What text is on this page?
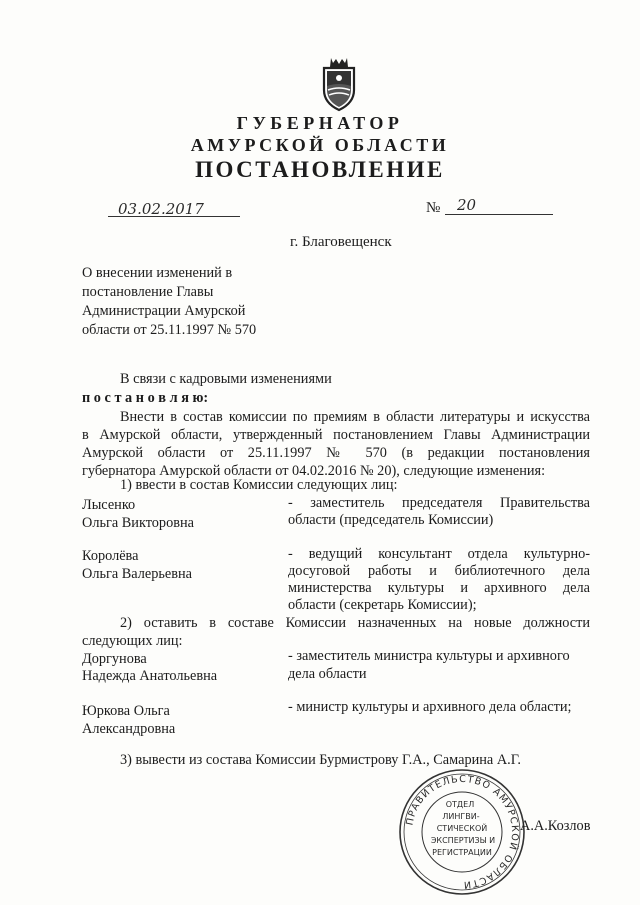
ГУБЕРНАТОР
АМУРСКОЙ ОБЛАСТИ
ПОСТАНОВЛЕНИЕ
03.02.2017	№ 20
г. Благовещенск
О внесении изменений в
постановление Главы
Администрации Амурской
области от 25.11.1997 № 570
В связи с кадровыми изменениями
п о с т а н о в л я ю:
Внести в состав комиссии по премиям в области литературы и искусства
в Амурской области, утвержденный постановлением Главы Администрации
Амурской области от 25.11.1997 № 570 (в редакции постановления
губернатора Амурской области от 04.02.2016 № 20), следующие изменения:
1) ввести в состав Комиссии следующих лиц:
Лысенко
Ольга Викторовна
- заместитель председателя Правительства
области (председатель Комиссии)
Королёва
Ольга Валерьевна
- ведущий консультант отдела культурно-
досуговой работы и библиотечного дела
министерства культуры и архивного дела
области (секретарь Комиссии);
2) оставить в составе Комиссии назначенных на новые должности
следующих лиц:
Доргунова
Надежда Анатольевна
- заместитель министра культуры и архивного
дела области
Юркова Ольга
Александровна
- министр культуры и архивного дела области;
3) вывести из состава Комиссии Бурмистрову Г.А., Самарина А.Г.
ПРАВИТЕЛЬСТВО АМУРСКОЙ ОБЛАСТИ
ОТДЕЛ
ЛИНГВИ-
СТИЧЕСКОЙ
ЭКСПЕРТИЗЫ И
РЕГИСТРАЦИИ
А.А.Козлов
